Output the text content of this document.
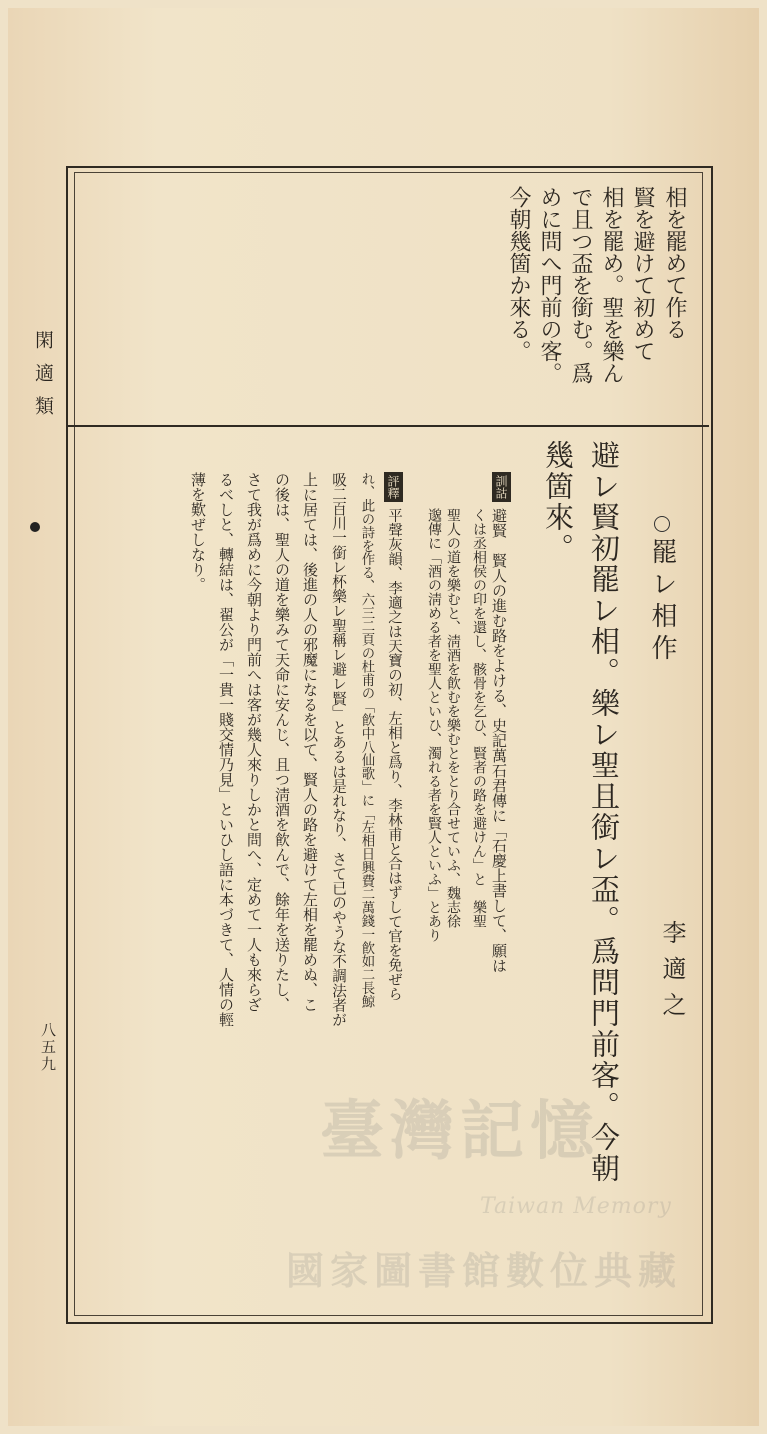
閑適類
八五九
相を罷めて作る
賢を避けて初めて
相を罷め。聖を樂ん
で且つ盃を銜む。爲
めに問へ門前の客。
今朝幾箇か來る。
罷レ相作
李適之
避レ賢初罷レ相。樂レ聖且銜レ盃。爲問門前客。今朝
幾箇來。
訓詁
避賢　賢人の進む路をよける、史記萬石君傳に「石慶上書して、願は
くは丞相侯の印を還し、骸骨を乞ひ、賢者の路を避けん」と　樂聖
聖人の道を樂むと、淸酒を飮むを樂むとをとり合せていふ、魏志徐
邈傳に「酒の淸める者を聖人といひ、濁れる者を賢人といふ」とあり
評釋
平聲灰韻、李適之は天寶の初、左相と爲り、李林甫と合はずして官を免ぜら
れ、此の詩を作る、六三二頁の杜甫の「飮中八仙歌」に「左相日興費二萬錢一飮如二長鯨
吸二百川一銜レ杯樂レ聖稱レ避レ賢」とあるは是れなり、さて已のやうな不調法者が
上に居ては、後進の人の邪魔になるを以て、賢人の路を避けて左相を罷めぬ、こ
の後は、聖人の道を樂みて天命に安んじ、且つ淸酒を飮んで、餘年を送りたし、
さて我が爲めに今朝より門前へは客が幾人來りしかと問へ、定めて一人も來らざ
るべしと、轉結は、翟公が「一貴一賤交情乃見」といひし語に本づきて、人情の輕
薄を歎ぜしなり。
臺灣記憶
Taiwan Memory
國家圖書館數位典藏
